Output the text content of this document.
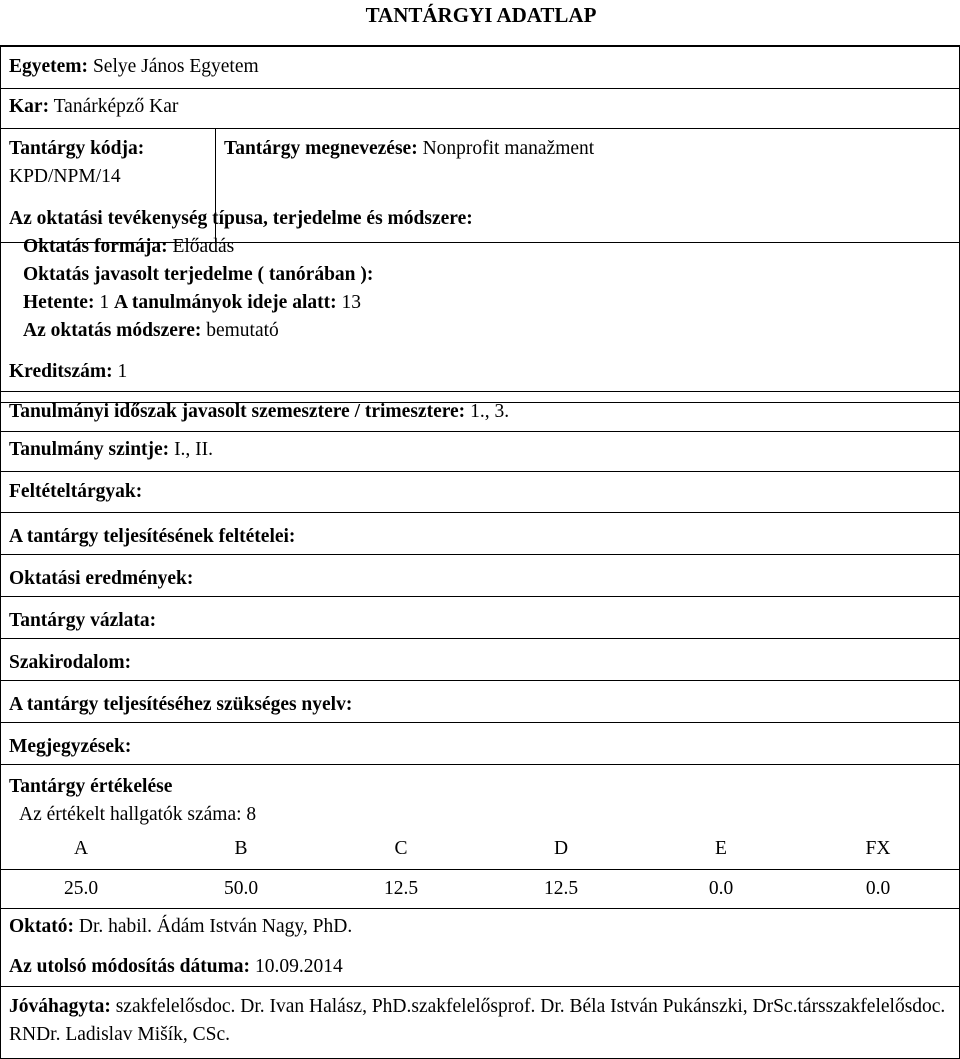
TANTÁRGYI ADATLAP
Egyetem: Selye János Egyetem
Kar: Tanárképző Kar
Tantárgy kódja:
KPD/NPM/14
Tantárgy megnevezése: Nonprofit manažment
Az oktatási tevékenység típusa, terjedelme és módszere:
Oktatás formája: Előadás
Oktatás javasolt terjedelme ( tanórában ):
Hetente: 1 A tanulmányok ideje alatt: 13
Az oktatás módszere: bemutató
Kreditszám: 1
Tanulmányi időszak javasolt szemesztere / trimesztere: 1., 3.
Tanulmány szintje: I., II.
Feltételtárgyak:
A tantárgy teljesítésének feltételei:
Oktatási eredmények:
Tantárgy vázlata:
Szakirodalom:
A tantárgy teljesítéséhez szükséges nyelv:
Megjegyzések:
Tantárgy értékelése
Az értékelt hallgatók száma: 8
A	B	C	D	E	FX
25.0	50.0	12.5	12.5	0.0	0.0
Oktató: Dr. habil. Ádám István Nagy, PhD.
Az utolsó módosítás dátuma: 10.09.2014
Jóváhagyta: szakfelelősdoc. Dr. Ivan Halász, PhD.szakfelelősprof. Dr. Béla István Pukánszki, DrSc.társszakfelelősdoc. RNDr. Ladislav Mišík, CSc.
